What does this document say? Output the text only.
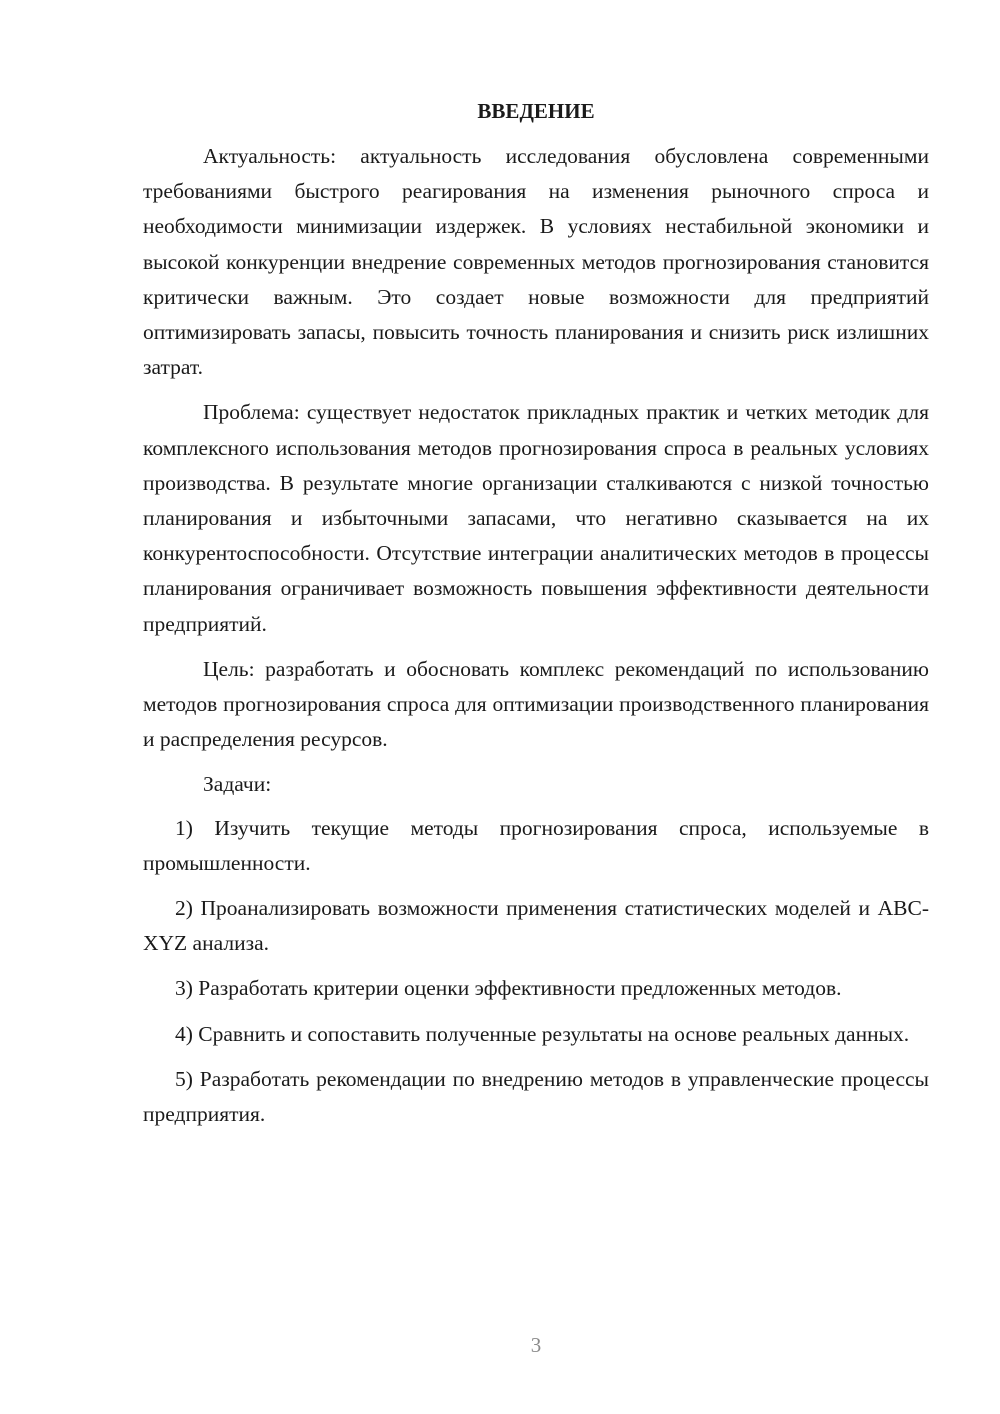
ВВЕДЕНИЕ

Актуальность: актуальность исследования обусловлена современными требованиями быстрого реагирования на изменения рыночного спроса и необходимости минимизации издержек. В условиях нестабильной экономики и высокой конкуренции внедрение современных методов прогнозирования становится критически важным. Это создает новые возможности для предприятий оптимизировать запасы, повысить точность планирования и снизить риск излишних затрат.

Проблема: существует недостаток прикладных практик и четких методик для комплексного использования методов прогнозирования спроса в реальных условиях производства. В результате многие организации сталкиваются с низкой точностью планирования и избыточными запасами, что негативно сказывается на их конкурентоспособности. Отсутствие интеграции аналитических методов в процессы планирования ограничивает возможность повышения эффективности деятельности предприятий.

Цель: разработать и обосновать комплекс рекомендаций по использованию методов прогнозирования спроса для оптимизации производственного планирования и распределения ресурсов.

Задачи:

1) Изучить текущие методы прогнозирования спроса, используемые в промышленности.

2) Проанализировать возможности применения статистических моделей и ABC-XYZ анализа.

3) Разработать критерии оценки эффективности предложенных методов.

4) Сравнить и сопоставить полученные результаты на основе реальных данных.

5) Разработать рекомендации по внедрению методов в управленческие процессы предприятия.

3
